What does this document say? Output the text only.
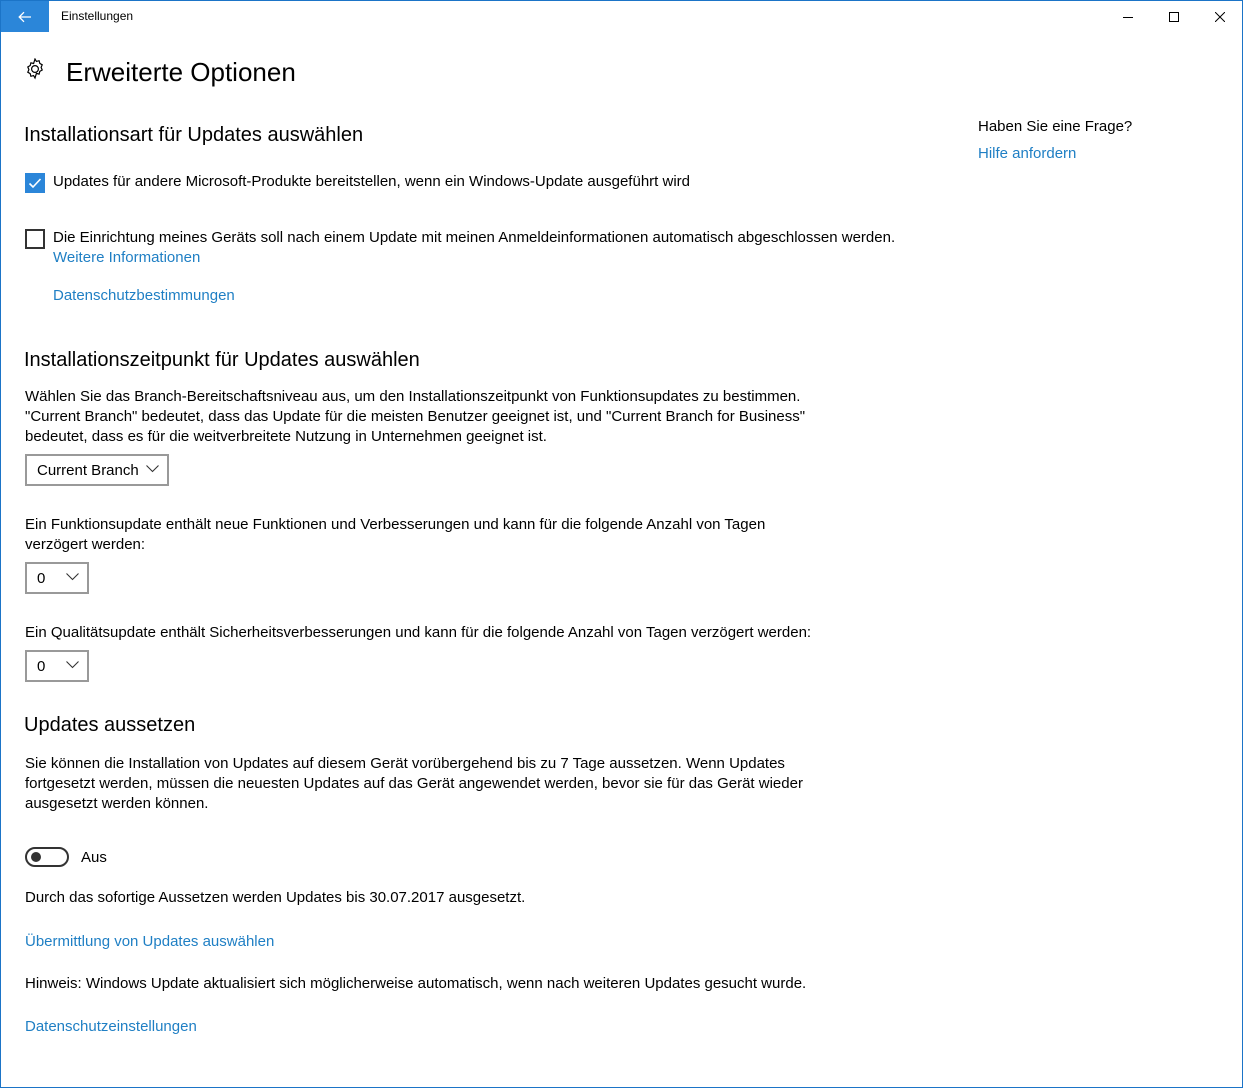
Einstellungen
Erweiterte Optionen
Installationsart für Updates auswählen
Updates für andere Microsoft-Produkte bereitstellen, wenn ein Windows-Update ausgeführt wird
Die Einrichtung meines Geräts soll nach einem Update mit meinen Anmeldeinformationen automatisch abgeschlossen werden.
Weitere Informationen
Datenschutzbestimmungen
Installationszeitpunkt für Updates auswählen
Wählen Sie das Branch-Bereitschaftsniveau aus, um den Installationszeitpunkt von Funktionsupdates zu bestimmen.
"Current Branch" bedeutet, dass das Update für die meisten Benutzer geeignet ist, und "Current Branch for Business"
bedeutet, dass es für die weitverbreitete Nutzung in Unternehmen geeignet ist.
Current Branch
Ein Funktionsupdate enthält neue Funktionen und Verbesserungen und kann für die folgende Anzahl von Tagen
verzögert werden:
0
Ein Qualitätsupdate enthält Sicherheitsverbesserungen und kann für die folgende Anzahl von Tagen verzögert werden:
0
Updates aussetzen
Sie können die Installation von Updates auf diesem Gerät vorübergehend bis zu 7 Tage aussetzen. Wenn Updates
fortgesetzt werden, müssen die neuesten Updates auf das Gerät angewendet werden, bevor sie für das Gerät wieder
ausgesetzt werden können.
Aus
Durch das sofortige Aussetzen werden Updates bis 30.07.2017 ausgesetzt.
Übermittlung von Updates auswählen
Hinweis: Windows Update aktualisiert sich möglicherweise automatisch, wenn nach weiteren Updates gesucht wurde.
Datenschutzeinstellungen
Haben Sie eine Frage?
Hilfe anfordern
